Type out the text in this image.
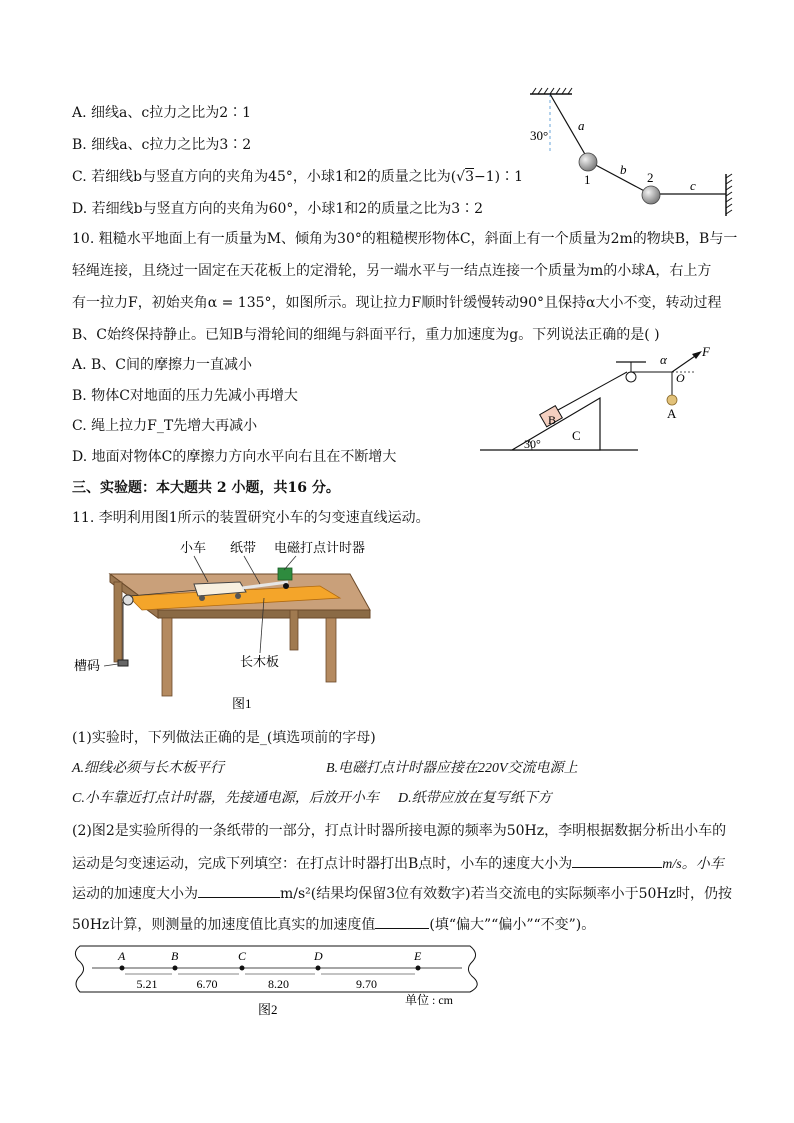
A. 细线a、c拉力之比为2∶1
B. 细线a、c拉力之比为3∶2
C. 若细线b与竖直方向的夹角为45°，小球1和2的质量之比为(√3−1)∶1
D. 若细线b与竖直方向的夹角为60°，小球1和2的质量之比为3∶2
30°
a
b
c
1	2
10. 粗糙水平地面上有一质量为M、倾角为30°的粗糙楔形物体C，斜面上有一个质量为2m的物块B，B与一
轻绳连接，且绕过一固定在天花板上的定滑轮，另一端水平与一结点连接一个质量为m的小球A，右上方
有一拉力F，初始夹角α = 135°，如图所示。现让拉力F顺时针缓慢转动90°且保持α大小不变，转动过程
B、C始终保持静止。已知B与滑轮间的细绳与斜面平行，重力加速度为g。下列说法正确的是( )
A. B、C间的摩擦力一直减小
B. 物体C对地面的压力先减小再增大
C. 绳上拉力F_T先增大再减小
D. 地面对物体C的摩擦力方向水平向右且在不断增大
30°
B
C
α
F
O
A
三、实验题：本大题共 2 小题，共16 分。
11. 李明利用图1所示的装置研究小车的匀变速直线运动。
小车 纸带 电磁打点计时器
槽码	长木板
图1
(1)实验时，下列做法正确的是_(填选项前的字母)
A.细线必须与长木板平行	B.电磁打点计时器应接在220V交流电源上
C.小车靠近打点计时器，先接通电源，后放开小车 D.纸带应放在复写纸下方
(2)图2是实验所得的一条纸带的一部分，打点计时器所接电源的频率为50Hz，李明根据数据分析出小车的
运动是匀变速运动，完成下列填空：在打点计时器打出B点时，小车的速度大小为	m/s。小车
运动的加速度大小为	m/s²(结果均保留3位有效数字)若当交流电的实际频率小于50Hz时，仍按
50Hz计算，则测量的加速度值比真实的加速度值	(填“偏大”“偏小”“不变”)。
A	B	C	D	E
5.21	6.70	8.20	9.70
单位 : cm
图2
